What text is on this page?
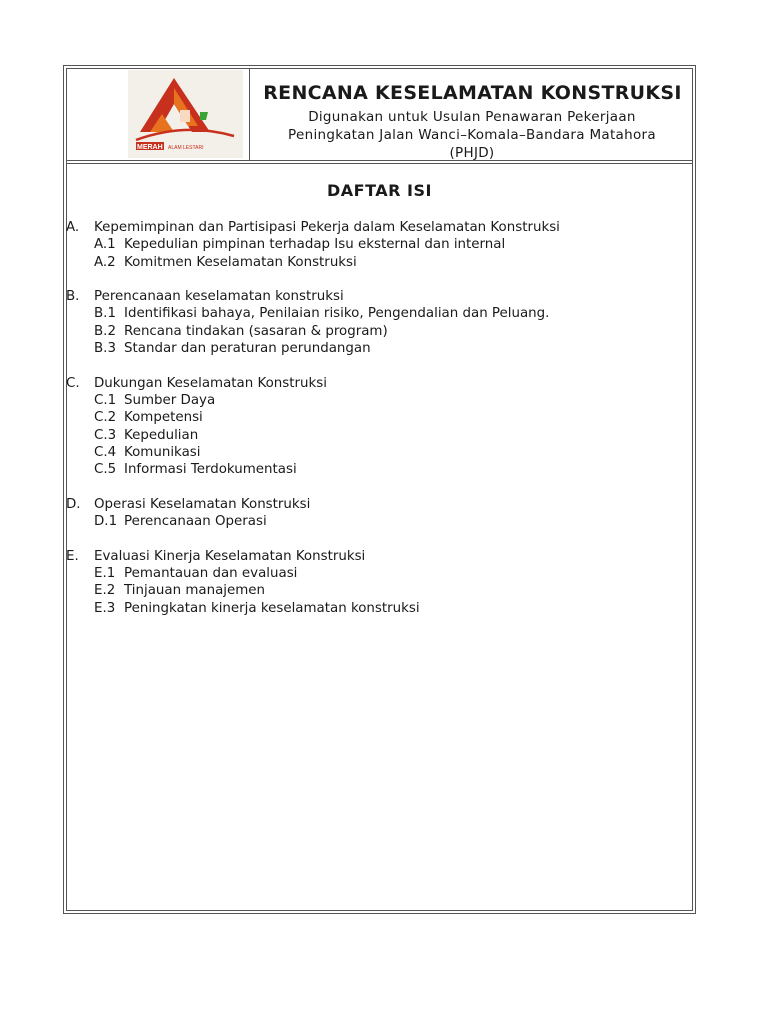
MERAH ALAM LESTARI
RENCANA KESELAMATAN KONSTRUKSI
Digunakan untuk Usulan Penawaran Pekerjaan
Peningkatan Jalan Wanci–Komala–Bandara Matahora
(PHJD)
DAFTAR ISI
A.	Kepemimpinan dan Partisipasi Pekerja dalam Keselamatan Konstruksi
A.1 Kepedulian pimpinan terhadap Isu eksternal dan internal
A.2 Komitmen Keselamatan Konstruksi
B.	Perencanaan keselamatan konstruksi
B.1 Identifikasi bahaya, Penilaian risiko, Pengendalian dan Peluang.
B.2 Rencana tindakan (sasaran & program)
B.3 Standar dan peraturan perundangan
C.	Dukungan Keselamatan Konstruksi
C.1 Sumber Daya
C.2 Kompetensi
C.3 Kepedulian
C.4 Komunikasi
C.5 Informasi Terdokumentasi
D.	Operasi Keselamatan Konstruksi
D.1 Perencanaan Operasi
E.	Evaluasi Kinerja Keselamatan Konstruksi
E.1 Pemantauan dan evaluasi
E.2 Tinjauan manajemen
E.3 Peningkatan kinerja keselamatan konstruksi
